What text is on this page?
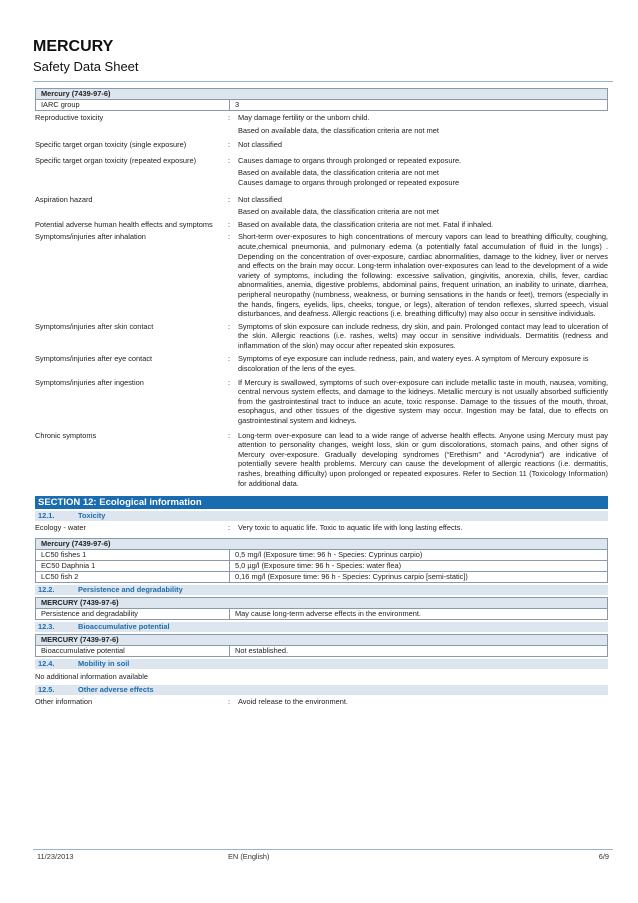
MERCURY
Safety Data Sheet
Mercury (7439-97-6)
IARC group	3
Reproductive toxicity	:	May damage fertility or the unborn child.

Based on available data, the classification criteria are not met

Specific target organ toxicity (single exposure)	:	Not classified

Specific target organ toxicity (repeated exposure)	:	Causes damage to organs through prolonged or repeated exposure.

Based on available data, the classification criteria are not met
Causes damage to organs through prolonged or repeated exposure

Aspiration hazard	:	Not classified

Based on available data, the classification criteria are not met

Potential adverse human health effects and symptoms	:	Based on available data, the classification criteria are not met. Fatal if inhaled.

Symptoms/injuries after inhalation	:	Short-term over-exposures to high concentrations of mercury vapors can lead to breathing difficulty, coughing, acute,chemical pneumonia, and pulmonary edema (a potentially fatal accumulation of fluid in the lungs) . Depending on the concentration of over-exposure, cardiac abnormalities, damage to the kidney, liver or nerves and effects on the brain may occur. Long-term inhalation over-exposures can lead to the development of a wide variety of symptoms, including the following: excessive salivation, gingivitis, anorexia, chills, fever, cardiac abnormalities, anemia, digestive problems, abdominal pains, frequent urination, an inability to urinate, diarrhea, peripheral neuropathy (numbness, weakness, or burning sensations in the hands or feet), tremors (especially in the hands, fingers, eyelids, lips, cheeks, tongue, or legs), alteration of tendon reflexes, slurred speech, visual disturbances, and deafness. Allergic reactions (i.e. breathing difficulty) may also occur in sensitive individuals.

Symptoms/injuries after skin contact	:	Symptoms of skin exposure can include redness, dry skin, and pain. Prolonged contact may lead to ulceration of the skin. Allergic reactions (i.e. rashes, welts) may occur in sensitive individuals. Dermatitis (redness and inflammation of the skin) may occur after repeated skin exposures.

Symptoms/injuries after eye contact	:	Symptoms of eye exposure can include redness, pain, and watery eyes. A symptom of Mercury exposure is discoloration of the lens of the eyes.

Symptoms/injuries after ingestion	:	If Mercury is swallowed, symptoms of such over-exposure can include metallic taste in mouth, nausea, vomiting, central nervous system effects, and damage to the kidneys. Metallic mercury is not usually absorbed sufficiently from the gastrointestinal tract to induce an acute, toxic response. Damage to the tissues of the mouth, throat, esophagus, and other tissues of the digestive system may occur. Ingestion may be fatal, due to effects on gastrointestinal system and kidneys.

Chronic symptoms	:	Long-term over-exposure can lead to a wide range of adverse health effects. Anyone using Mercury must pay attention to personality changes, weight loss, skin or gum discolorations, stomach pains, and other signs of Mercury over-exposure. Gradually developing syndromes (“Erethism” and “Acrodynia”) are indicative of potentially severe health problems. Mercury can cause the development of allergic reactions (i.e. dermatitis, rashes, breathing difficulty) upon prolonged or repeated exposures. Refer to Section 11 (Toxicology Information) for additional data.

SECTION 12: Ecological information
12.1.	Toxicity
Ecology - water	:	Very toxic to aquatic life. Toxic to aquatic life with long lasting effects.
Mercury (7439-97-6)	
LC50 fishes 1	0,5 mg/l (Exposure time: 96 h - Species: Cyprinus carpio)
EC50 Daphnia 1	5,0 µg/l (Exposure time: 96 h - Species: water flea)
LC50 fish 2	0,16 mg/l (Exposure time: 96 h - Species: Cyprinus carpio [semi-static])
12.2.	Persistence and degradability
MERCURY (7439-97-6)
Persistence and degradability	May cause long-term adverse effects in the environment.
12.3.	Bioaccumulative potential
MERCURY (7439-97-6)
Bioaccumulative potential	Not established.
12.4.	Mobility in soil
No additional information available
12.5.	Other adverse effects
Other information	:	Avoid release to the environment.
11/23/2013	EN (English)	6/9
